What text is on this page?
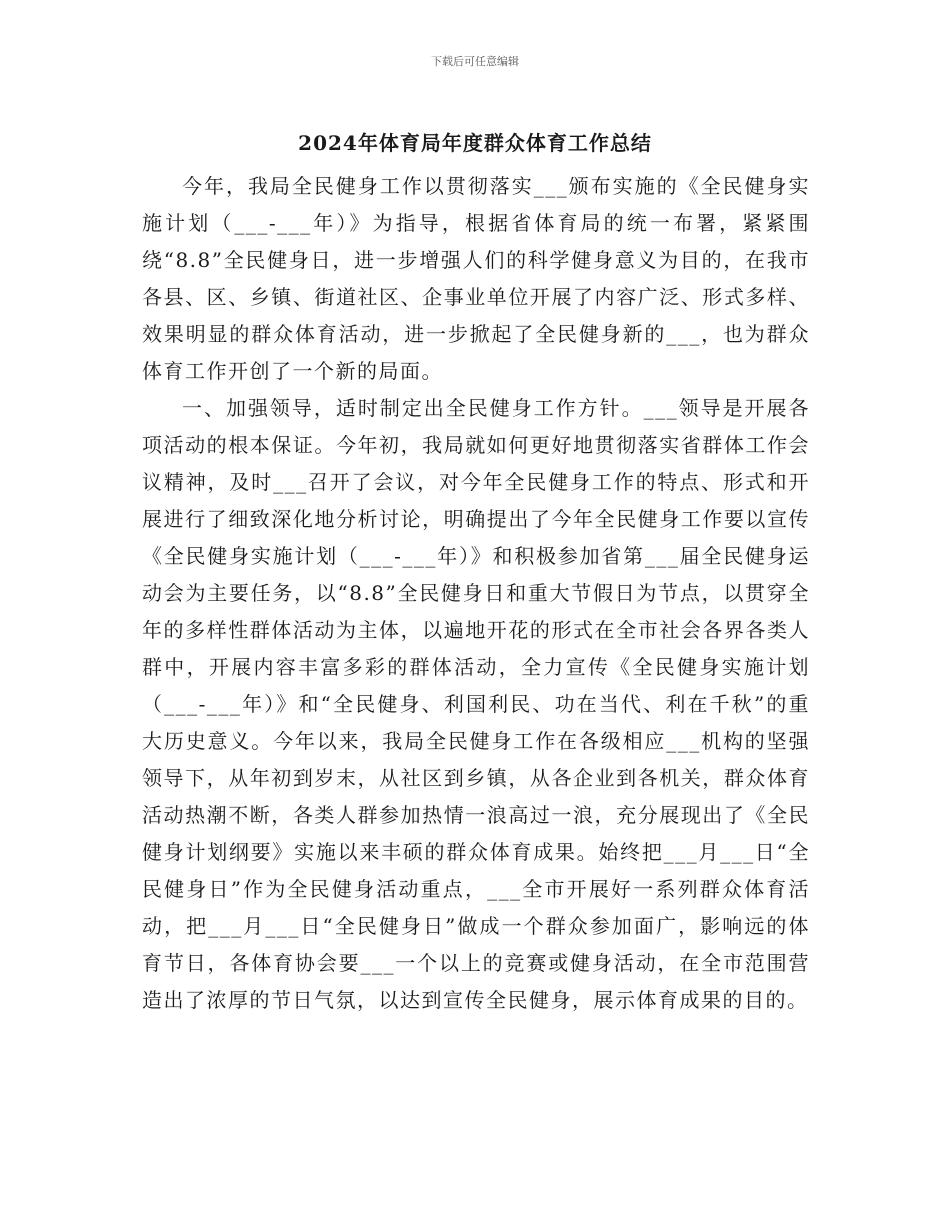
下载后可任意编辑
2024年体育局年度群众体育工作总结

今年，我局全民健身工作以贯彻落实___颁布实施的《全民健身实施计划（___-___年）》为指导，根据省体育局的统一布署，紧紧围绕“8.8”全民健身日，进一步增强人们的科学健身意义为目的，在我市各县、区、乡镇、街道社区、企事业单位开展了内容广泛、形式多样、效果明显的群众体育活动，进一步掀起了全民健身新的___，也为群众体育工作开创了一个新的局面。

一、加强领导，适时制定出全民健身工作方针。___领导是开展各项活动的根本保证。今年初，我局就如何更好地贯彻落实省群体工作会议精神，及时___召开了会议，对今年全民健身工作的特点、形式和开展进行了细致深化地分析讨论，明确提出了今年全民健身工作要以宣传《全民健身实施计划（___-___年）》和积极参加省第___届全民健身运动会为主要任务，以“8.8”全民健身日和重大节假日为节点，以贯穿全年的多样性群体活动为主体，以遍地开花的形式在全市社会各界各类人群中，开展内容丰富多彩的群体活动，全力宣传《全民健身实施计划（___-___年）》和“全民健身、利国利民、功在当代、利在千秋”的重大历史意义。今年以来，我局全民健身工作在各级相应___机构的坚强领导下，从年初到岁末，从社区到乡镇，从各企业到各机关，群众体育活动热潮不断，各类人群参加热情一浪高过一浪，充分展现出了《全民健身计划纲要》实施以来丰硕的群众体育成果。始终把___月___日“全民健身日”作为全民健身活动重点，___全市开展好一系列群众体育活动，把___月___日“全民健身日”做成一个群众参加面广，影响远的体育节日，各体育协会要___一个以上的竞赛或健身活动，在全市范围营造出了浓厚的节日气氛，以达到宣传全民健身，展示体育成果的目的。
